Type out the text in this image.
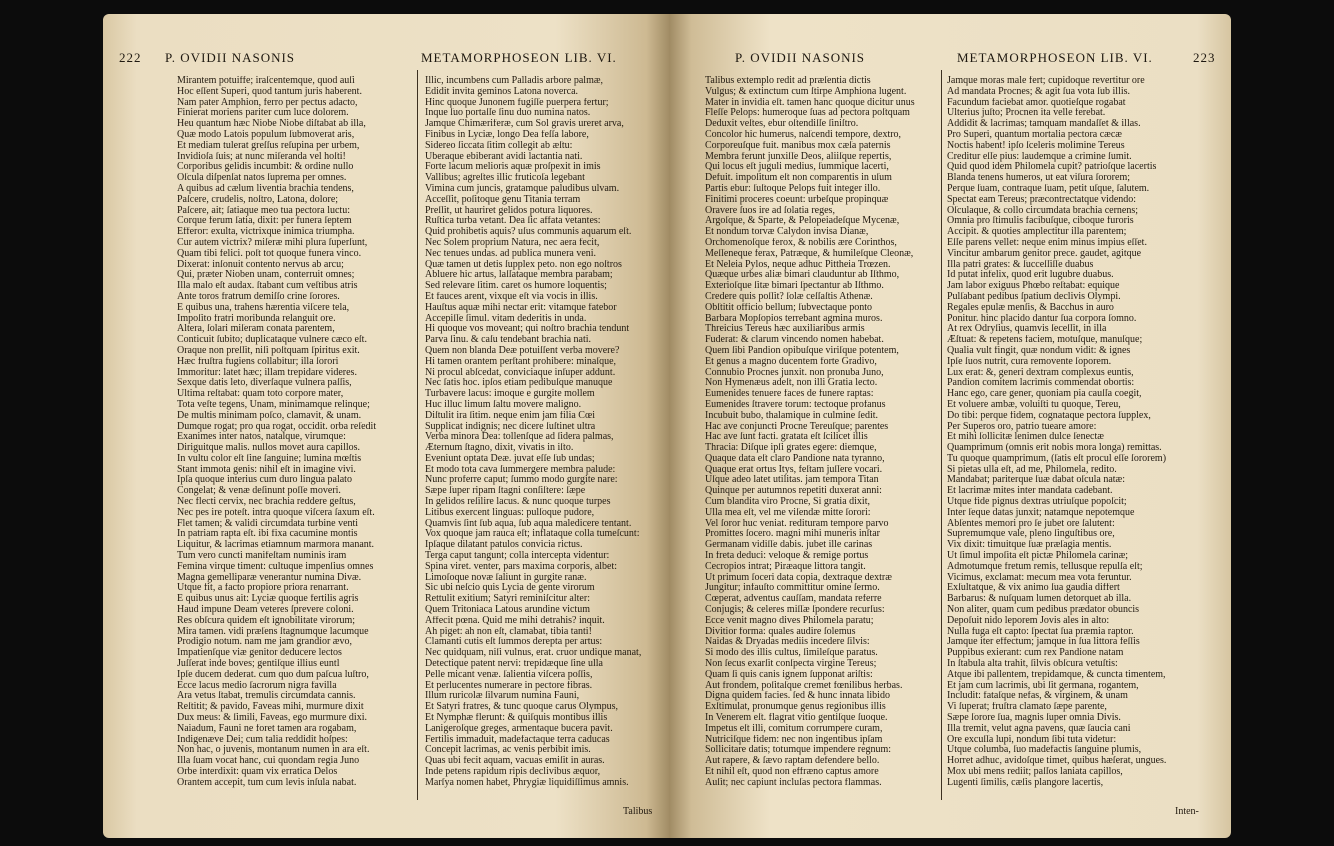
222 P. OVIDII NASONIS	METAMORPHOSEON LIB. VI.
Mirantem potuiffe; iraſcentemque, quod auſi
Hoc eſſent Superi, quod tantum juris haberent.
Nam pater Amphion, ferro per pectus adacto,
Finierat moriens pariter cum luce dolorem.
Heu quantum hæc Niobe Niobe diſtabat ab illa,
Quæ modo Latois populum ſubmoverat aris,
Et mediam tulerat greſſus reſupina per urbem,
Invidioſa ſuis; at nunc miſeranda vel hoſti!
Corporibus gelidis incumbit: & ordine nullo
Oſcula diſpenſat natos ſuprema per omnes.
A quibus ad cælum liventia brachia tendens,
Paſcere, crudelis, noſtro, Latona, dolore;
Paſcere, ait; ſatiaque meo tua pectora luctu:
Corque ferum ſatia, dixit: per funera ſeptem
Efferor: exulta, victrixque inimica triumpha.
Cur autem victrix? miſeræ mihi plura ſuperſunt,
Quam tibi felici. poſt tot quoque funera vinco.
Dixerat: inſonuit contento nervus ab arcu;
Qui, præter Nioben unam, conterruit omnes;
Illa malo eſt audax. ſtabant cum veſtibus atris
Ante toros fratrum demiſſo crine ſorores.
E quibus una, trahens hærentia viſcere tela,
Impoſito fratri moribunda relanguit ore.
Altera, ſolari miſeram conata parentem,
Conticuit ſubito; duplicataque vulnere cæco eſt.
Oraque non preſſit, niſi poſtquam ſpiritus exit.
Hæc fruſtra fugiens collabitur; illa ſorori
Immoritur: latet hæc; illam trepidare videres.
Sexque datis leto, diverſaque vulnera paſſis,
Ultima reſtabat: quam toto corpore mater,
Tota veſte tegens, Unam, minimamque relinque;
De multis minimam poſco, clamavit, & unam.
Dumque rogat; pro qua rogat, occidit. orba reſedit
Exanimes inter natos, natalque, virumque:
Diriguitque malis. nullos movet aura capillos.
In vultu color eſt ſine ſanguine; lumina mœſtis
Stant immota genis: nihil eſt in imagine vivi.
Ipſa quoque interius cum duro lingua palato
Congelat; & venæ deſinunt poſſe moveri.
Nec flecti cervix, nec brachia reddere geſtus,
Nec pes ire poteſt. intra quoque viſcera ſaxum eſt.
Flet tamen; & validi circumdata turbine venti
In patriam rapta eſt. ibi fixa cacumine montis
Liquitur, & lacrimas etiamnum marmora manant.
Tum vero cuncti manifeſtam numinis iram
Femina virque timent: cultuque impenſius omnes
Magna gemelliparæ venerantur numina Divæ.
Utque fit, a facto propiore priora renarrant.
E quibus unus ait: Lyciæ quoque fertilis agris
Haud impune Deam veteres ſprevere coloni.
Res obſcura quidem eſt ignobilitate virorum;
Mira tamen. vidi præſens ſtagnumque lacumque
Prodigio notum. nam me jam grandior ævo,
Impatienſque viæ genitor deducere lectos
Juſſerat inde boves; gentiſque illius euntl
Ipſe ducem dederat. cum quo dum paſcua luſtro,
Ecce lacus medio ſacrorum nigra favilla
Ara vetus ſtabat, tremulis circumdata cannis.
Reſtitit; & pavido, Faveas mihi, murmure dixit
Dux meus: & ſimili, Faveas, ego murmure dixi.
Naiadum, Fauni ne foret tamen ara rogabam,
Indigenæve Dei; cum talia reddidit hoſpes:
Non hac, o juvenis, montanum numen in ara eſt.
Illa ſuam vocat hanc, cui quondam regia Juno
Orbe interdixit: quam vix erratica Delos
Orantem accepit, tum cum levis inſula nabat.
Illic, incumbens cum Palladis arbore palmæ,
Edidit invita geminos Latona noverca.
Hinc quoque Junonem fugiſſe puerpera fertur;
Inque ſuo portaſſe ſinu duo numina natos.
Jamque Chimæriferæ, cum Sol gravis ureret arva,
Finibus in Lyciæ, longo Dea feſſa labore,
Sidereo ſiccata ſitim collegit ab æſtu:
Uberaque ebiberant avidi lactantia nati.
Forte lacum melioris aquæ proſpexit in imis
Vallibus; agreſtes illic fruticoſa legebant
Vimina cum juncis, gratamque paludibus ulvam.
Acceſſit, poſitoque genu Titania terram
Preſſit, ut hauriret gelidos potura liquores.
Ruſtica turba vetant. Dea ſic affata vetantes:
Quid prohibetis aquis? uſus communis aquarum eſt.
Nec Solem proprium Natura, nec aera fecit,
Nec tenues undas. ad publica munera veni.
Quæ tamen ut detis ſupplex peto. non ego noſtros
Abluere hic artus, laſſataque membra parabam;
Sed relevare ſitim. caret os humore loquentis;
Et fauces arent, vixque eſt via vocis in illis.
Hauſtus aquæ mihi nectar erit: vitamque fatebor
Accepiſſe ſimul. vitam dederitis in unda.
Hi quoque vos moveant; qui noſtro brachia tendunt
Parva ſinu. & caſu tendebant brachia nati.
Quem non blanda Deæ potuiſſent verba movere?
Hi tamen orantem perſtant prohibere: minaſque,
Ni procul abſcedat, conviciaque inſuper addunt.
Nec ſatis hoc. ipſos etiam pedibuſque manuque
Turbavere lacus: imoque e gurgite mollem
Huc illuc limum ſaltu movere maligno.
Diſtulit ira ſitim. neque enim jam filia Cœi
Supplicat indignis; nec dicere ſuſtinet ultra
Verba minora Dea: tollenſque ad ſidera palmas,
Æternum ſtagno, dixit, vivatis in iſto.
Eveniunt optata Deæ. juvat eſſe ſub undas;
Et modo tota cava ſummergere membra palude:
Nunc proferre caput; ſummo modo gurgite nare:
Sæpe ſuper ripam ſtagni conſiſtere: ſæpe
In gelidos reſilire lacus. & nunc quoque turpes
Litibus exercent linguas: pulſoque pudore,
Quamvis ſint ſub aqua, ſub aqua maledicere tentant.
Vox quoque jam rauca eſt; inflataque colla tumeſcunt:
Ipſaque dilatant patulos convicia rictus.
Terga caput tangunt; colla intercepta videntur:
Spina viret. venter, pars maxima corporis, albet:
Limoſoque novæ ſaliunt in gurgite ranæ.
Sic ubi neſcio quis Lycia de gente virorum
Rettulit exitium; Satyri reminiſcitur alter:
Quem Tritoniaca Latous arundine victum
Affecit pœna. Quid me mihi detrahis? inquit.
Ah piget: ah non eſt, clamabat, tibia tanti!
Clamanti cutis eſt ſummos derepta per artus:
Nec quidquam, niſi vulnus, erat. cruor undique manat,
Detectique patent nervi: trepidæque ſine ulla
Pelle micant venæ. ſalientia viſcera poſſis,
Et perlucentes numerare in pectore fibras.
Illum ruricolæ ſilvarum numina Fauni,
Et Satyri fratres, & tunc quoque carus Olympus,
Et Nymphæ flerunt: & quiſquis montibus illis
Lanigeroſque greges, armentaque bucera pavit.
Fertilis immaduit, madefactaque terra caducas
Concepit lacrimas, ac venis perbibit imis.
Quas ubi fecit aquam, vacuas emiſit in auras.
Inde petens rapidum ripis declivibus æquor,
Marſya nomen habet, Phrygiæ liquidiſſimus amnis.
Talibus
P. OVIDII NASONIS	METAMORPHOSEON LIB. VI.	223
Talibus extemplo redit ad præſentia dictis
Vulgus; & extinctum cum ſtirpe Amphiona lugent.
Mater in invidia eſt. tamen hanc quoque dicitur unus
Fleſſe Pelops: humeroque ſuas ad pectora poſtquam
Deduxit veſtes, ebur oſtendiſſe ſiniſtro.
Concolor hic humerus, naſcendi tempore, dextro,
Corporeuſque fuit. manibus mox cæſa paternis
Membra ferunt junxiſſe Deos, aliiſque repertis,
Qui locus eſt juguli medius, ſummique lacerti,
Defuit. impoſitum eſt non comparentis in uſum
Partis ebur: ſuſtoque Pelops fuit integer illo.
Finitimi proceres coeunt: urbeſque propinquæ
Oravere ſuos ire ad ſolatia reges,
Argoſque, & Sparte, & Pelopeiadeſque Mycenæ,
Et nondum torvæ Calydon invisa Dianæ,
Orchomenoſque ferox, & nobilis ære Corinthos,
Meſſeneque ferax, Patræque, & humileſque Cleonæ,
Et Neleia Pylos, neque adhuc Pittheia Trœzen.
Quæque urbes aliæ bimari clauduntur ab Iſthmo,
Exterioſque ſitæ bimari ſpectantur ab Iſthmo.
Credere quis poſſit? ſolæ ceſſaſtis Athenæ.
Obſtitit officio bellum; ſubvectaque ponto
Barbara Mopſopios terrebant agmina muros.
Threicius Tereus hæc auxiliaribus armis
Fuderat: & clarum vincendo nomen habebat.
Quem ſibi Pandion opibuſque viriſque potentem,
Et genus a magno ducentem forte Gradivo,
Connubio Procnes junxit. non pronuba Juno,
Non Hymenæus adeſt, non illi Gratia lecto.
Eumenides tenuere faces de funere raptas:
Eumenides ſtravere torum: tectoque profanus
Incubuit bubo, thalamique in culmine ſedit.
Hac ave conjuncti Procne Tereuſque; parentes
Hac ave ſunt facti. gratata eſt ſcilicet illis
Thracia: Diſque ipſi grates egere: diemque,
Quaque data eſt claro Pandione nata tyranno,
Quaque erat ortus Itys, feſtam juſſere vocari.
Uſque adeo latet utilitas. jam tempora Titan
Quinque per autumnos repetiti duxerat anni:
Cum blandita viro Procne, Si gratia dixit,
Ulla mea eſt, vel me viſendæ mitte ſorori:
Vel ſoror huc veniat. redituram tempore parvo
Promittes ſocero. magni mihi muneris inſtar
Germanam vidiſſe dabis. jubet ille carinas
In freta deduci: veloque & remige portus
Cecropios intrat; Piræaque littora tangit.
Ut primum ſoceri data copia, dextraque dextræ
Jungitur; infauſto committitur omine ſermo.
Cœperat, adventus cauſſam, mandata referre
Conjugis; & celeres miſſæ ſpondere recurſus:
Ecce venit magno dives Philomela paratu;
Divitior forma: quales audire ſolemus
Naidas & Dryadas mediis incedere ſilvis:
Si modo des illis cultus, ſimileſque paratus.
Non ſecus exarſit conſpecta virgine Tereus;
Quam ſi quis canis ignem ſupponat ariſtis:
Aut frondem, poſitaſque cremet fœnilibus herbas.
Digna quidem facies. ſed & hunc innata libido
Exſtimulat, pronumque genus regionibus illis
In Venerem eſt. flagrat vitio gentiſque ſuoque.
Impetus eſt illi, comitum corrumpere curam,
Nutriciſque fidem: nec non ingentibus ipſam
Sollicitare datis; totumque impendere regnum:
Aut rapere, & ſævo raptam defendere bello.
Et nihil eſt, quod non effræno captus amore
Auſit; nec capiunt incluſas pectora flammas.
Jamque moras male fert; cupidoque revertitur ore
Ad mandata Procnes; & agit ſua vota ſub illis.
Facundum faciebat amor. quotieſque rogabat
Ulterius juſto; Procnen ita velle ferebat.
Addidit & lacrimas; tamquam mandaſſet & illas.
Pro Superi, quantum mortalia pectora cæcæ
Noctis habent! ipſo ſceleris molimine Tereus
Creditur eſſe pius: laudemque a crimine ſumit.
Quid quod idem Philomela cupit? patrioſque lacertis
Blanda tenens humeros, ut eat viſura ſororem;
Perque ſuam, contraque ſuam, petit uſque, ſalutem.
Spectat eam Tereus; præcontrectatque videndo:
Oſculaque, & collo circumdata brachia cernens;
Omnia pro ſtimulis facibuſque, ciboque furoris
Accipit. & quoties amplectitur illa parentem;
Eſſe parens vellet: neque enim minus impius eſſet.
Vincitur ambarum genitor prece. gaudet, agitque
Illa patri grates: & ſucceſſiſſe duabus
Id putat infelix, quod erit lugubre duabus.
Jam labor exiguus Phœbo reſtabat: equique
Pulſabant pedibus ſpatium declivis Olympi.
Regales epulæ menſis, & Bacchus in auro
Ponitur. hinc placido dantur ſua corpora ſomno.
At rex Odryſius, quamvis ſeceſſit, in illa
Æſtuat: & repetens faciem, motuſque, manuſque;
Qualia vult fingit, quæ nondum vidit: & ignes
Ipſe ſuos nutrit, cura removente ſoporem.
Lux erat: &, generi dextram complexus euntis,
Pandion comitem lacrimis commendat obortis:
Hanc ego, care gener, quoniam pia cauſſa coegit,
Et voluere ambæ, voluiſti tu quoque, Tereu,
Do tibi: perque fidem, cognataque pectora ſupplex,
Per Superos oro, patrio tueare amore:
Et mihi ſollicitæ lenimen dulce ſenectæ
Quamprimum (omnis erit nobis mora longa) remittas.
Tu quoque quamprimum, (ſatis eſt procul eſſe ſororem)
Si pietas ulla eſt, ad me, Philomela, redito.
Mandabat; pariterque ſuæ dabat oſcula natæ:
Et lacrimæ mites inter mandata cadebant.
Utque fide pignus dextras utriuſque popoſcit;
Inter ſeque datas junxit; natamque nepotemque
Abſentes memori pro ſe jubet ore ſalutent:
Supremumque vale, pleno ſinguſtibus ore,
Vix dixit: timuitque ſuæ præſagia mentis.
Ut ſimul impoſita eſt pictæ Philomela carinæ;
Admotumque fretum remis, tellusque repulſa eſt;
Vicimus, exclamat: mecum mea vota feruntur.
Exſultatque, & vix animo ſua gaudia differt
Barbarus: & nuſquam lumen detorquet ab illa.
Non aliter, quam cum pedibus prædator obuncis
Depoſuit nido leporem Jovis ales in alto:
Nulla fuga eſt capto: ſpectat ſua præmia raptor.
Jamque iter effectum; jamque in ſua littora feſſis
Puppibus exierant: cum rex Pandione natam
In ſtabula alta trahit, ſilvis obſcura vetuſtis:
Atque ibi pallentem, trepidamque, & cuncta timentem,
Et jam cum lacrimis, ubi ſit germana, rogantem,
Includit: fataſque nefas, & virginem, & unam
Vi ſuperat; fruſtra clamato ſæpe parente,
Sæpe ſorore ſua, magnis ſuper omnia Divis.
Illa tremit, velut agna pavens, quæ ſaucia cani
Ore excuſſa lupi, nondum ſibi tuta videtur:
Utque columba, ſuo madefactis ſanguine plumis,
Horret adhuc, avidoſque timet, quibus hæſerat, ungues.
Mox ubi mens rediit; paſſos laniata capillos,
Lugenti ſimilis, cæſis plangore lacertis,
Inten-
